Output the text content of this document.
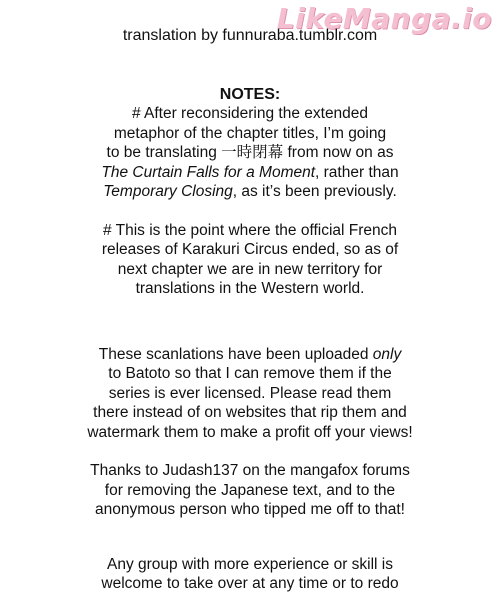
LikeManga.io

translation by funnuraba.tumblr.com

NOTES:

# After reconsidering the extended
metaphor of the chapter titles, I’m going
to be translating 一時閉幕 from now on as
The Curtain Falls for a Moment, rather than
Temporary Closing, as it’s been previously.

# This is the point where the official French
releases of Karakuri Circus ended, so as of
next chapter we are in new territory for
translations in the Western world.

These scanlations have been uploaded only
to Batoto so that I can remove them if the
series is ever licensed. Please read them
there instead of on websites that rip them and
watermark them to make a profit off your views!

Thanks to Judash137 on the mangafox forums
for removing the Japanese text, and to the
anonymous person who tipped me off to that!

Any group with more experience or skill is
welcome to take over at any time or to redo
